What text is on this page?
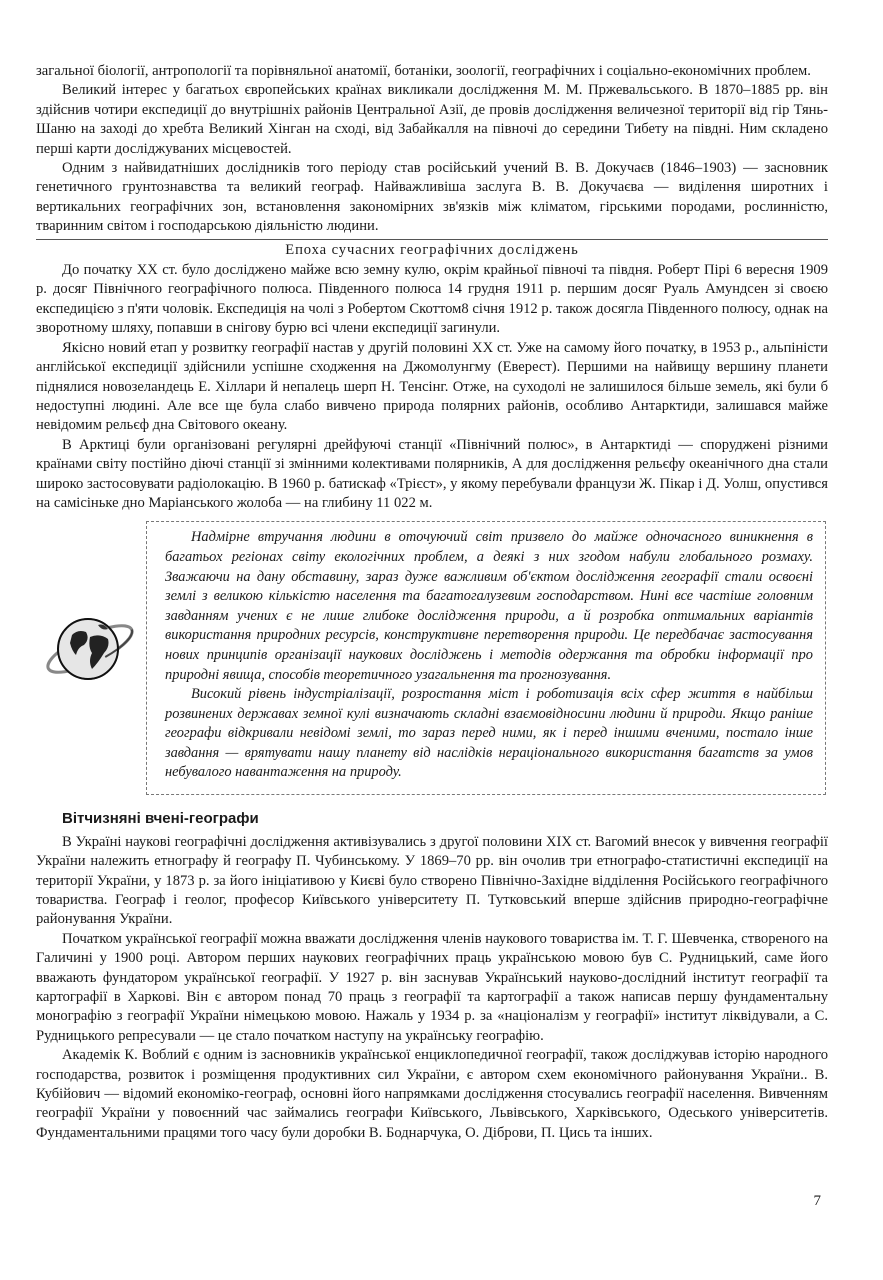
загальної біології, антропології та порівняльної анатомії, ботаніки, зоології, географічних і соціально-економічних проблем.

Великий інтерес у багатьох європейських країнах викликали дослідження М. М. Пржевальського. В 1870–1885 рр. він здійснив чотири експедиції до внутрішніх районів Центральної Азії, де провів дослідження величезної території від гір Тянь-Шаню на заході до хребта Великий Хінган на сході, від Забайкалля на півночі до середини Тибету на півдні. Ним складено перші карти досліджуваних місцевостей.

Одним з найвидатніших дослідників того періоду став російський учений В. В. Докучаєв (1846–1903) — засновник генетичного грунтознавства та великий географ. Найважливіша заслуга В. В. Докучаєва — виділення широтних і вертикальних географічних зон, встановлення закономірних зв'язків між кліматом, гірськими породами, рослинністю, тваринним світом і господарською діяльністю людини.

Епоха сучасних географічних досліджень

До початку ХХ ст. було досліджено майже всю земну кулю, окрім крайньої півночі та півдня. Роберт Пірі 6 вересня 1909 р. досяг Північного географічного полюса. Південного полюса 14 грудня 1911 р. першим досяг Руаль Амундсен зі своєю експедицією з п'яти чоловік. Експедиція на чолі з Робертом Скоттом8 січня 1912 р. також досягла Південного полюсу, однак на зворотному шляху, попавши в снігову бурю всі члени експедиції загинули.

Якісно новий етап у розвитку географії настав у другій половині ХХ ст. Уже на самому його початку, в 1953 р., альпіністи англійської експедиції здійснили успішне сходження на Джомолунгму (Еверест). Першими на найвищу вершину планети піднялися новозеландець Е. Хіллари й непалець шерп Н. Тенсінг. Отже, на суходолі не залишилося більше земель, які були б недоступні людині. Але все ще була слабо вивчено природа полярних районів, особливо Антарктиди, залишався майже невідомим рельєф дна Світового океану.

В Арктиці були організовані регулярні дрейфуючі станції «Північний полюс», в Антарктиді — споруджені різними країнами світу постійно діючі станції зі змінними колективами полярників, А для дослідження рельєфу океанічного дна стали широко застосовувати радіолокацію. В 1960 р. батискаф «Трієст», у якому перебували французи Ж. Пікар і Д. Уолш, опустився на самісіньке дно Маріанського жолоба — на глибину 11 022 м.

Надмірне втручання людини в оточуючий світ призвело до майже одночасного виникнення в багатьох регіонах світу екологічних проблем, а деякі з них згодом набули глобального розмаху. Зважаючи на дану обставину, зараз дуже важливим об'єктом дослідження географії стали освоєні землі з великою кількістю населення та багатогалузевим господарством. Нині все частіше головним завданням учених є не лише глибоке дослідження природи, а й розробка оптимальних варіантів використання природних ресурсів, конструктивне перетворення природи. Це передбачає застосування нових принципів організації наукових досліджень і методів одержання та обробки інформації про природні явища, способів теоретичного узагальнення та прогнозування.

Високий рівень індустріалізації, розростання міст і роботизація всіх сфер життя в найбільш розвинених державах земної кулі визначають складні взаємовідносини людини й природи. Якщо раніше географи відкривали невідомі землі, то зараз перед ними, як і перед іншими вченими, постало інше завдання — врятувати нашу планету від наслідків нераціонального використання багатств за умов небувалого навантаження на природу.

Вітчизняні вчені-географи

В Україні наукові географічні дослідження активізувались з другої половини ХІХ ст. Вагомий внесок у вивчення географії України належить етнографу й географу П. Чубинському. У 1869–70 рр. він очолив три етнографо-статистичні експедиції на території України, у 1873 р. за його ініціативою у Києві було створено Північно-Західне відділення Російського географічного товариства. Географ і геолог, професор Київського університету П. Тутковський вперше здійснив природно-географічне районування України.

Початком української географії можна вважати дослідження членів наукового товариства ім. Т. Г. Шевченка, створеного на Галичині у 1900 році. Автором перших наукових географічних праць українською мовою був С. Рудницький, саме його вважають фундатором української географії. У 1927 р. він заснував Український науково-дослідний інститут географії та картографії в Харкові. Він є автором понад 70 праць з географії та картографії а також написав першу фундаментальну монографію з географії України німецькою мовою. Нажаль у 1934 р. за «націоналізм у географії» інститут ліквідували, а С. Рудницького репресували — це стало початком наступу на українську географію.

Академік К. Воблий є одним із засновників української енциклопедичної географії, також досліджував історію народного господарства, розвиток і розміщення продуктивних сил України, є автором схем економічного районування України.. В. Кубійович — відомий економіко-географ, основні його напрямками дослідження стосувались географії населення. Вивченням географії України у повоєнний час займались географи Київського, Львівського, Харківського, Одеського університетів. Фундаментальними працями того часу були доробки В. Боднарчука, О. Діброви, П. Цись та інших.

7
